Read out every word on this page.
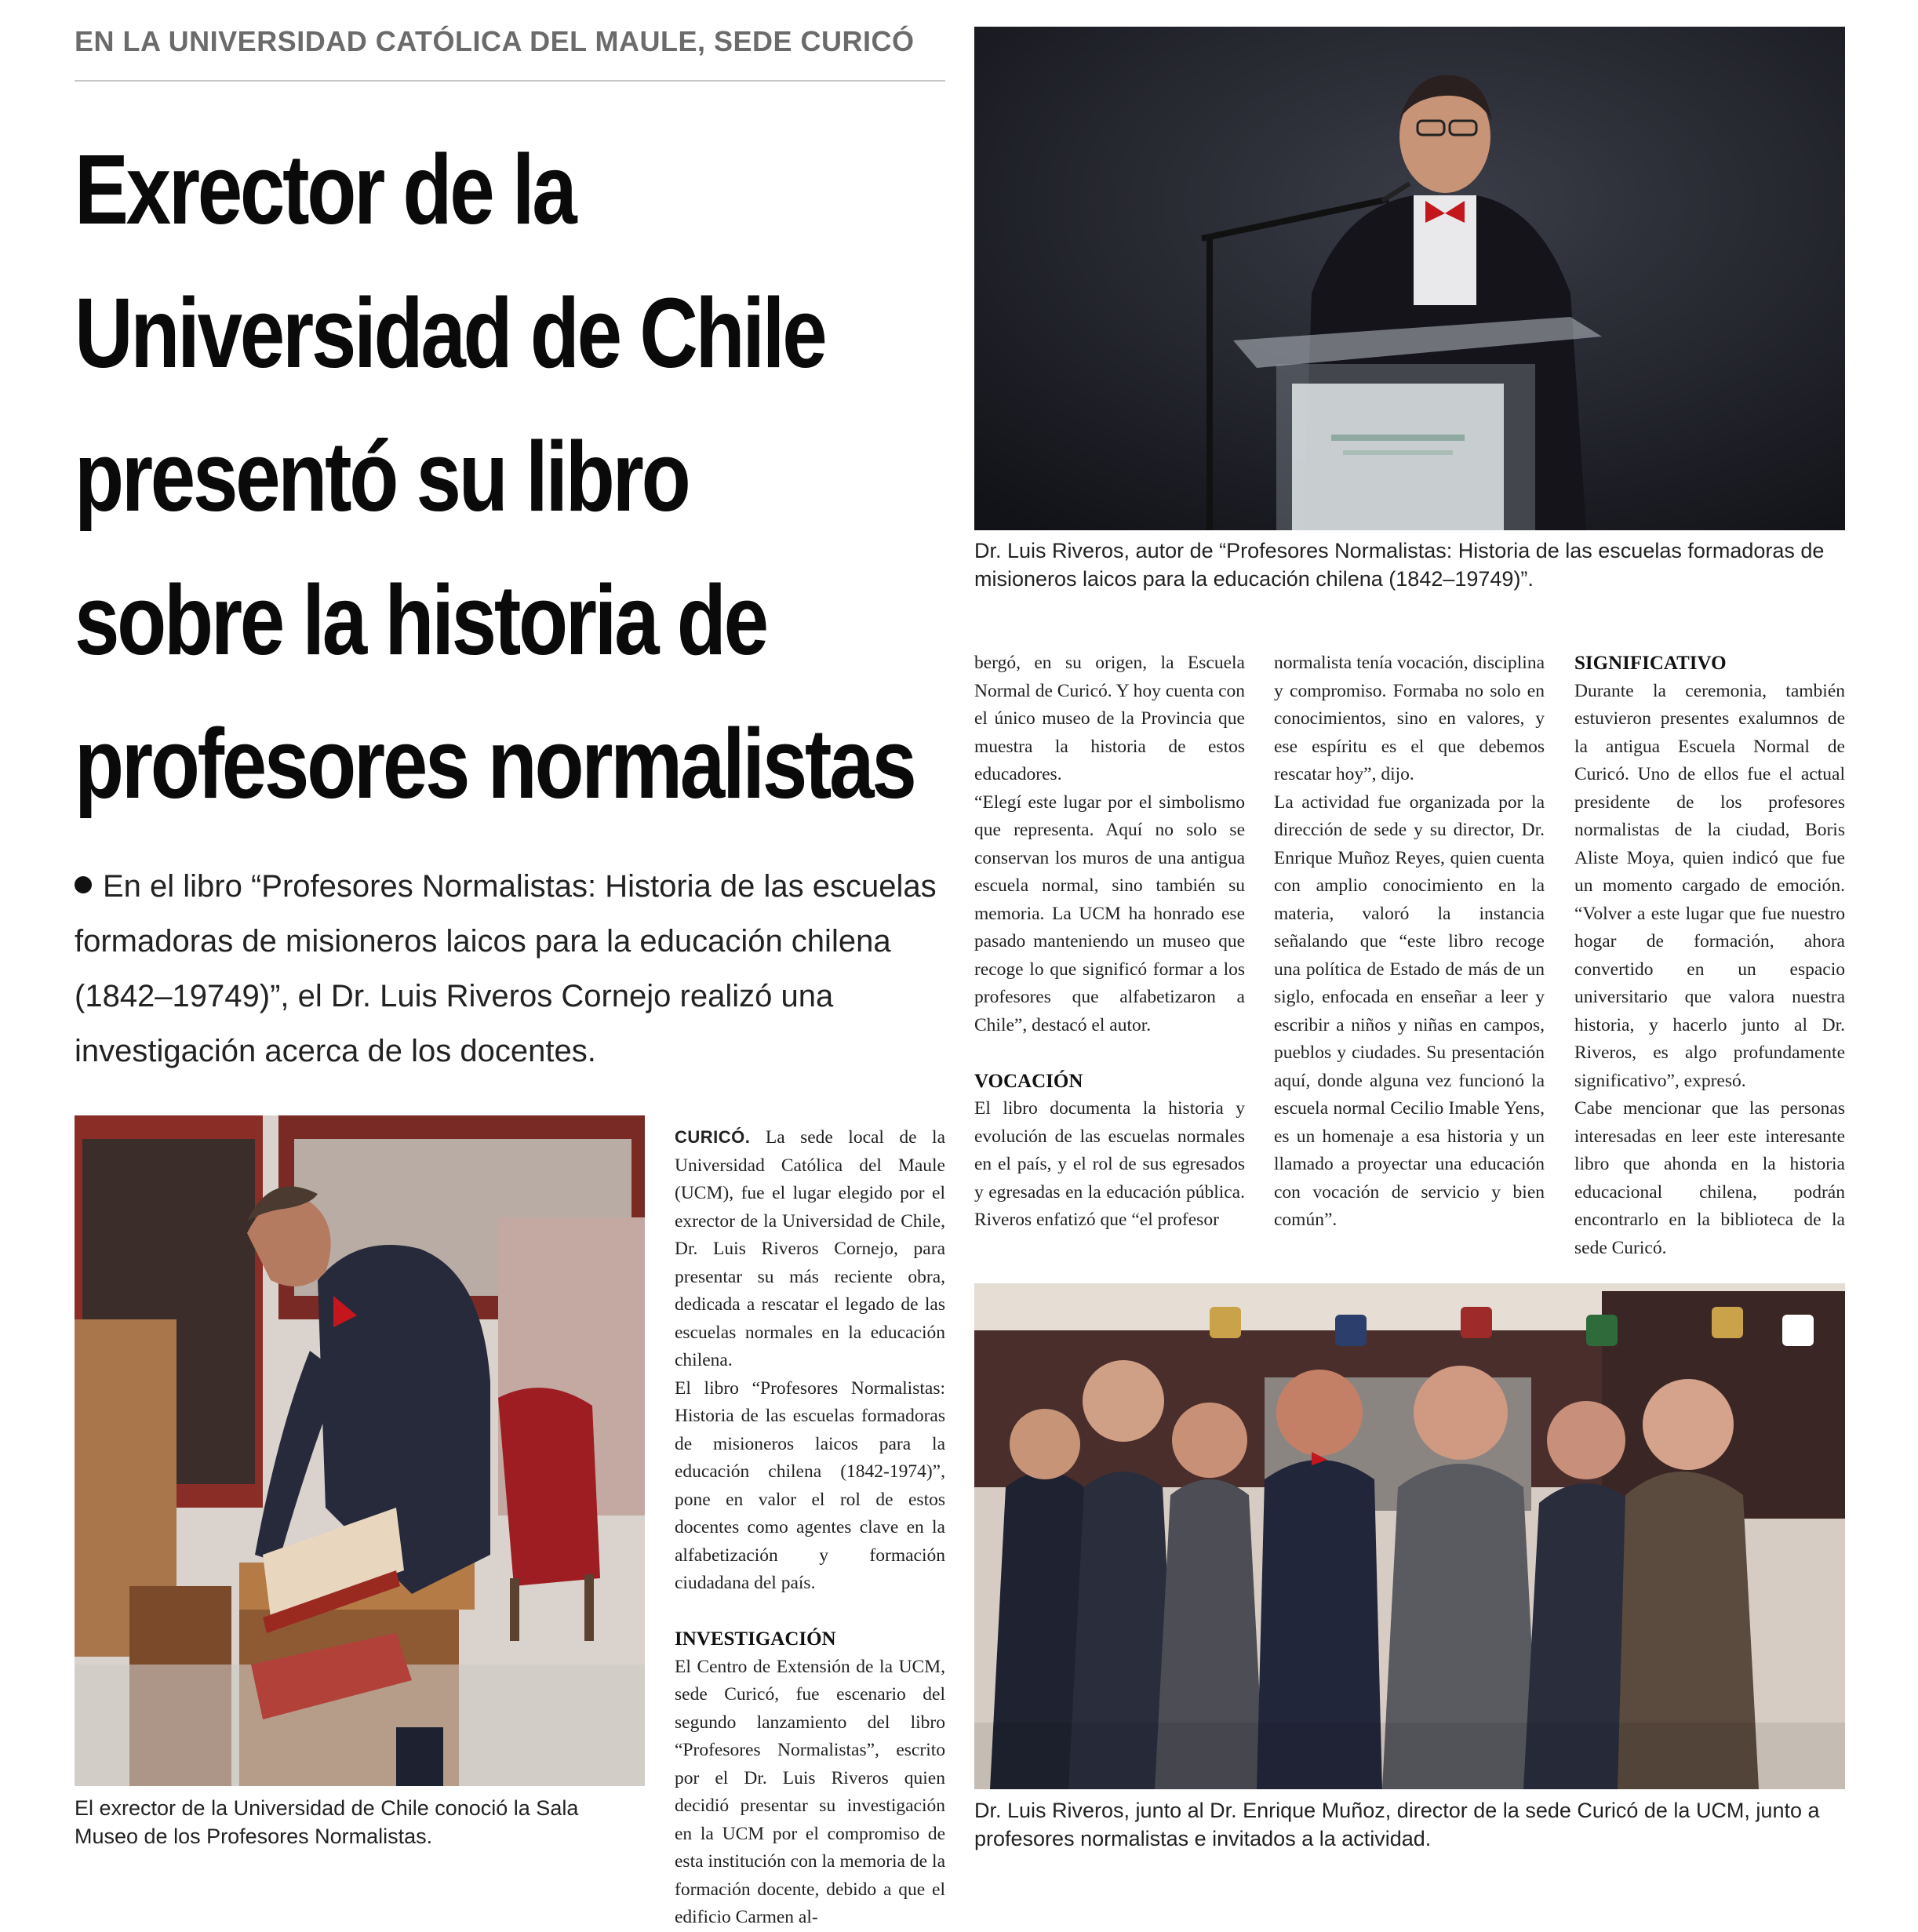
EN LA UNIVERSIDAD CATÓLICA DEL MAULE, SEDE CURICÓ
Exrector de la
Universidad de Chile
presentó su libro
sobre la historia de
profesores normalistas
En el libro “Profesores Normalistas: Historia de las escuelas formadoras de misioneros laicos para la educación chilena (1842–19749)”, el Dr. Luis Riveros Cornejo realizó una investigación acerca de los docentes.
Dr. Luis Riveros, autor de “Profesores Normalistas: Historia de las escuelas formadoras de misioneros laicos para la educación chilena (1842–19749)”.
El exrector de la Universidad de Chile conoció la Sala Museo de los Profesores Normalistas.
Dr. Luis Riveros, junto al Dr. Enrique Muñoz, director de la sede Curicó de la UCM, junto a profesores normalistas e invitados a la actividad.

CURICÓ. La sede local de la Universidad Católica del Maule (UCM), fue el lugar elegido por el exrector de la Universidad de Chile, Dr. Luis Riveros Cornejo, para presentar su más reciente obra, dedicada a rescatar el legado de las escuelas normales en la educación chilena.

El libro “Profesores Normalistas: Historia de las escuelas formadoras de misioneros laicos para la educación chilena (1842-1974)”, pone en valor el rol de estos docentes como agentes clave en la alfabetización y formación ciudadana del país.

INVESTIGACIÓN

El Centro de Extensión de la UCM, sede Curicó, fue escenario del segundo lanzamiento del libro “Profesores Normalistas”, escrito por el Dr. Luis Riveros quien decidió presentar su investigación en la UCM por el compromiso de esta institución con la memoria de la formación docente, debido a que el edificio Carmen al-

bergó, en su origen, la Escuela Normal de Curicó. Y hoy cuenta con el único museo de la Provincia que muestra la historia de estos educadores.

“Elegí este lugar por el simbolismo que representa. Aquí no solo se conservan los muros de una antigua escuela normal, sino también su memoria. La UCM ha honrado ese pasado manteniendo un museo que recoge lo que significó formar a los profesores que alfabetizaron a Chile”, destacó el autor.

VOCACIÓN

El libro documenta la historia y evolución de las escuelas normales en el país, y el rol de sus egresados y egresadas en la educación pública. Riveros enfatizó que “el profesor

normalista tenía vocación, disciplina y compromiso. Formaba no solo en conocimientos, sino en valores, y ese espíritu es el que debemos rescatar hoy”, dijo.

La actividad fue organizada por la dirección de sede y su director, Dr. Enrique Muñoz Reyes, quien cuenta con amplio conocimiento en la materia, valoró la instancia señalando que “este libro recoge una política de Estado de más de un siglo, enfocada en enseñar a leer y escribir a niños y niñas en campos, pueblos y ciudades. Su presentación aquí, donde alguna vez funcionó la escuela normal Cecilio Imable Yens, es un homenaje a esa historia y un llamado a proyectar una educación con vocación de servicio y bien común”.

SIGNIFICATIVO

Durante la ceremonia, también estuvieron presentes exalumnos de la antigua Escuela Normal de Curicó. Uno de ellos fue el actual presidente de los profesores normalistas de la ciudad, Boris Aliste Moya, quien indicó que fue un momento cargado de emoción. “Volver a este lugar que fue nuestro hogar de formación, ahora convertido en un espacio universitario que valora nuestra historia, y hacerlo junto al Dr. Riveros, es algo profundamente significativo”, expresó.

Cabe mencionar que las personas interesadas en leer este interesante libro que ahonda en la historia educacional chilena, podrán encontrarlo en la biblioteca de la sede Curicó.
